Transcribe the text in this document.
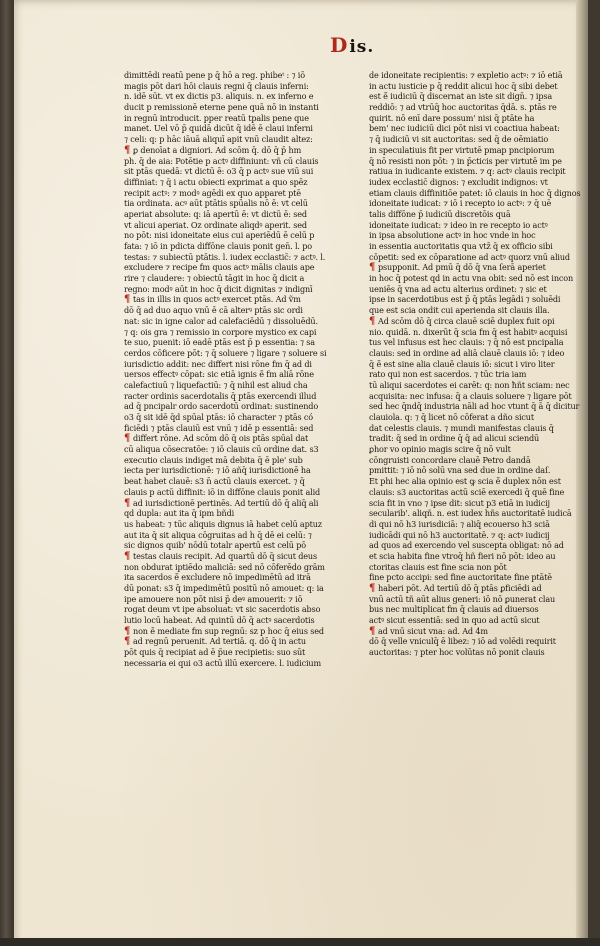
Dis.
dimittēdi reatū pene p q̄ hō a reg. phibeᵗ : ⁊ iō
magis pōt dari hōi clauis regni q̄ clauis inferni:
n. idē sūt. vt ex dictis p3. aliquis. n. ex inferno e
ducit p remissionē eterne pene quā nō in instanti
in regnū introducit. pper reatū tpalis pene que
manet. Uel vō p̄ quidā dicūt q̄ idē ē claui inferni
⁊ celi: q: p hāc iāuā aliquī apit vnū claudit altez:
¶ ꝑ denoīat a digniori. Ad scōm q̄. dō q̄ p̄ hm
ph. q̄ de aia: Potētie p actꝰ diffiniunt: vñ cū clauis
sit ptās quedā: vt dictū ē: o3 q̄ p actꝰ sue viū sui
diffiniat: ⁊ q̄ i actu obiecti exprimat a quo spēz
recipit actꝰ: ⁊ modꝰ agēdi ex quo apparet ptē
tia ordinata. acꝰ aūt ptātis spūalis nō ē: vt celū
aperiat absolute: q: iā apertū ē: vt dictū ē: sed
vt alicui aperiat. Oz ordinate aliqdꝰ aperit. sed
no pōt: nisi idoneitate eius cui aperiēdū ē celū p
fata: ⁊ iō in pdicta diffōne clauis ponit gen̄. l. po
testas: ⁊ subiectū ptātis. l. iudex ecclastic̄: ⁊ actꝰ. l.
excludere ⁊ recipe fm quos actꝰ mālis clauis ape
rire ⁊ claudere: ⁊ obiectū tāgit in hoc q̄ dicit a
regno: modꝰ aūt in hoc q̄ dicit dignitas ⁊ indignī
¶ tas in illis in quos actꝰ exercet ptās. Ad ṽm
dō q̄ ad duo aquo vnū ē cā alterꝰ ptās sic ordi
nat: sic in igne calor ad calefaciēdū ⁊ dissoluēdū.
⁊ q: ois gra ⁊ remissio in corpore mystico ex capi
te suo, puenit: iō eadē ptās est p̄ p essentia: ⁊ sa
cerdos cōficere pōt: ⁊ q̄ soluere ⁊ ligare ⁊ soluere si
iurisdictio addit: nec differt nisi rōne fm q̄ ad di
uersos effectꝰ cōpat: sic etiā ignis ē̄ fm aliā rōne
calefactiuū ⁊ liquefactiū: ⁊ q̄ nihil est aliud cha
racter ordinis sacerdotalis q̄ ptās exercendi illud
ad q̄ pncipalr ordo sacerdotū ordinat: sustinendo
o3 q̄ sit idē q̄d spūal ptās: iō character ⁊ ptās có
ficiēdi ⁊ ptās clauiū est vnū ⁊ idē p essentiā: sed
¶ differt rōne. Ad scōm dō q̄ ois ptās spūal dat
cū aliqua cōsecratōe: ⁊ iō clauis cū ordine dat. s3
executio clauis indiget mā debita q̄ ē ple' sub
iecta per iurisdictionē: ⁊ iō añq̄ iurisdictionē ha
beat habet clauē: s3 n̄ actū clauis exercet. ⁊ q̄
clauis p actū diffinit: iō in diffōne clauis ponit alid
¶ ad iurisdictionē pertinēs. Ad tertiū dō q̄ aliq̄ ali
qd dupla: aut ita q̄ ipm bñdi
us habeat: ⁊ tūc aliquis dignus iā habet celū aptuz
aut ita q̄ sit aliqua cōgruitas ad h̄ q̄ dē ei celū: ⁊
sic dignos quib' nōdū totalr apertū est celū pō
¶ testas clauis recipit. Ad quartū dō q̄ sicut deus
non obdurat iptiēdo maliciā: sed nō cōferēdo grām
ita sacerdos ē̄ excludere nō impedimētū ad itrā
dū ponat: s3 q̄ impedimētū positū nō amouet: q: ia
ipe amouere non pōt nisi p̄ deꝰ amouerit: ⁊ iō
rogat deum vt ipe absoluat: vt sic sacerdotis abso
lutio locū habeat. Ad quintū dō q̄ actꝰ sacerdotis
¶ non ē̄ mediate fm sup regnū: sz p hoc q̄ eius sed
¶ ad regnū peruenit. Ad tertiā. q. dō q̄ in actu
pōt quis q̄ recipiat ad ē p̄ue recipietis: suo sūt
necessaria ei qui o3 actū illū exercere. l. iudicium
de idoneitate recipientis: ⁊ expletio actꝰ: ⁊ iō etiā
in actu iusticie p q̄ reddit alicui hoc q̄ sibi debet
est ē̄ iudiciū q̄ discernat an iste sit dign̄. ⁊ ipsa
reddiō: ⁊ ad vtrūq̄ hoc auctoritas q̄dā. s. ptās re
quirit. nō enī dare possum' nisi q̄ ptāte ha
bem' nec iudiciū dici pōt nisi vi coactiua habeat:
⁊ q̄ iudiciū vi sit auctoritas: sed q̄ de oēmiatio
in speculatiuis fit per virtutē pmap pncipiorum
q̄ nō resisti non pōt: ⁊ in p̄cticis per virtutē im pe
ratiua in iudicante existem. ⁊ q: actꝰ clauis recipit
iudex ecclastic̄ dignos: ⁊ excludit indignos: vt
etiam clauis diffinitiōe patet: iō clauis in hoc q̄ dignos
idoneitate iudicat: ⁊ iō i recepto io actꝰ: ⁊ q̄ uē
talis diffōne p̄ iudiciū discretōis quā
idoneitate iudicat: ⁊ ideo in re recepto io actꝰ
in ipsa absolutione actꝰ in hoc vnde in hoc
in essentia auctoritatis qua vtz̄ q̄ ex officio sibi
cōpetit: sed ex cōparatione ad actꝰ quorz vnū aliud
¶ psupponit. Ad pmū q̄ dō q̄ vna ſerā aperiet
in hoc q̄ potest qd in actu vna obit: sed nō est incon
ueniēs q̄ vna ad actu alterius ordinet: ⁊ sic et
ipse in sacerdotibus est p̄ q̄ ptās legādi ⁊ soluēdi
que est scia ondit cui aperienda sit clauis illa.
¶ Ad scōm dō q̄ circa clauē sciē duplex fuit opi
nio. quidā. n. dixerūt q̄ scia fm q̄ est habitꝰ acquisi
tus vel infusus est hec clauis: ⁊ q̄ nō est pncipalia
clauis: sed in ordine ad aliā clauē clauis iō: ⁊ ideo
q̄ ē̄ est sine alia clauē clauis iō: sicut i viro liter
rato qui non est sacerdos. ⁊ tūc tria iam
tū aliqui sacerdotes ei carēt: q: non ħñt sciam: nec
acquisita: nec infusa: q̄ a clauis soluere ⁊ ligare pōt
sed hec q̄ndq̄ industria nāli ad hoc vtunt q̄ ā q̄ dicitur
clauiola. q: ⁊ q̄ licet nō cōferat a dño sicut
dat celestis clauis. ⁊ mundi manifestas clauis q̄
tradit: q̄ sed in ordine q̄ q̄ ad alicui sciendū
ꝑhor vo opinio magis scire q̄ nō vult
cōngruisti concordare clauē Petro dandā
pmittit: ⁊ iō nō solū vna sed due in ordine daſ.
Et phi hec alia opinio est ꝙ scia ē̄ duplex nōn est
clauis: s3 auctoritas actū sciē exercedi q̄ quē fine
scia fit in vno ⁊ ipse dit: sicut p3 etiā in iudicij
secularib'. aliqñ. n. est iudex hñs auctoritatē iudicā
di qui nō h3 iurisdiciā: ⁊ aliq̄ ecouerso h3 sciā
iudicādi qui nō h3 auctoritatē. ⁊ q: actꝰ iudicij
ad quos ad exercendo vel suscepta obligat: nō ad
et scia habita fine vtroq̄ hñ fieri nō pōt: ideo au
ctoritas clauis est fine scia non pōt
fine pcto accipi: sed fine auctoritate fine ptātē
¶ haberi pōt. Ad tertiū dō q̄ ptās ꝑficiēdi ad
vnū actū tñ aūt alius generi: iō nō ꝑunerat clau
bus nec multiplicat fm q̄ clauis ad diuersos
actꝰ sicut essentiā: sed in quo ad actū sicut
¶ ad vnū sicut vna: ad. Ad 4m
dō q̄ velle vniculq̄ ē libez: ⁊ iō ad volēdi requirit
auctoritas: ⁊ pter hoc volūtas nō ponit clauis
